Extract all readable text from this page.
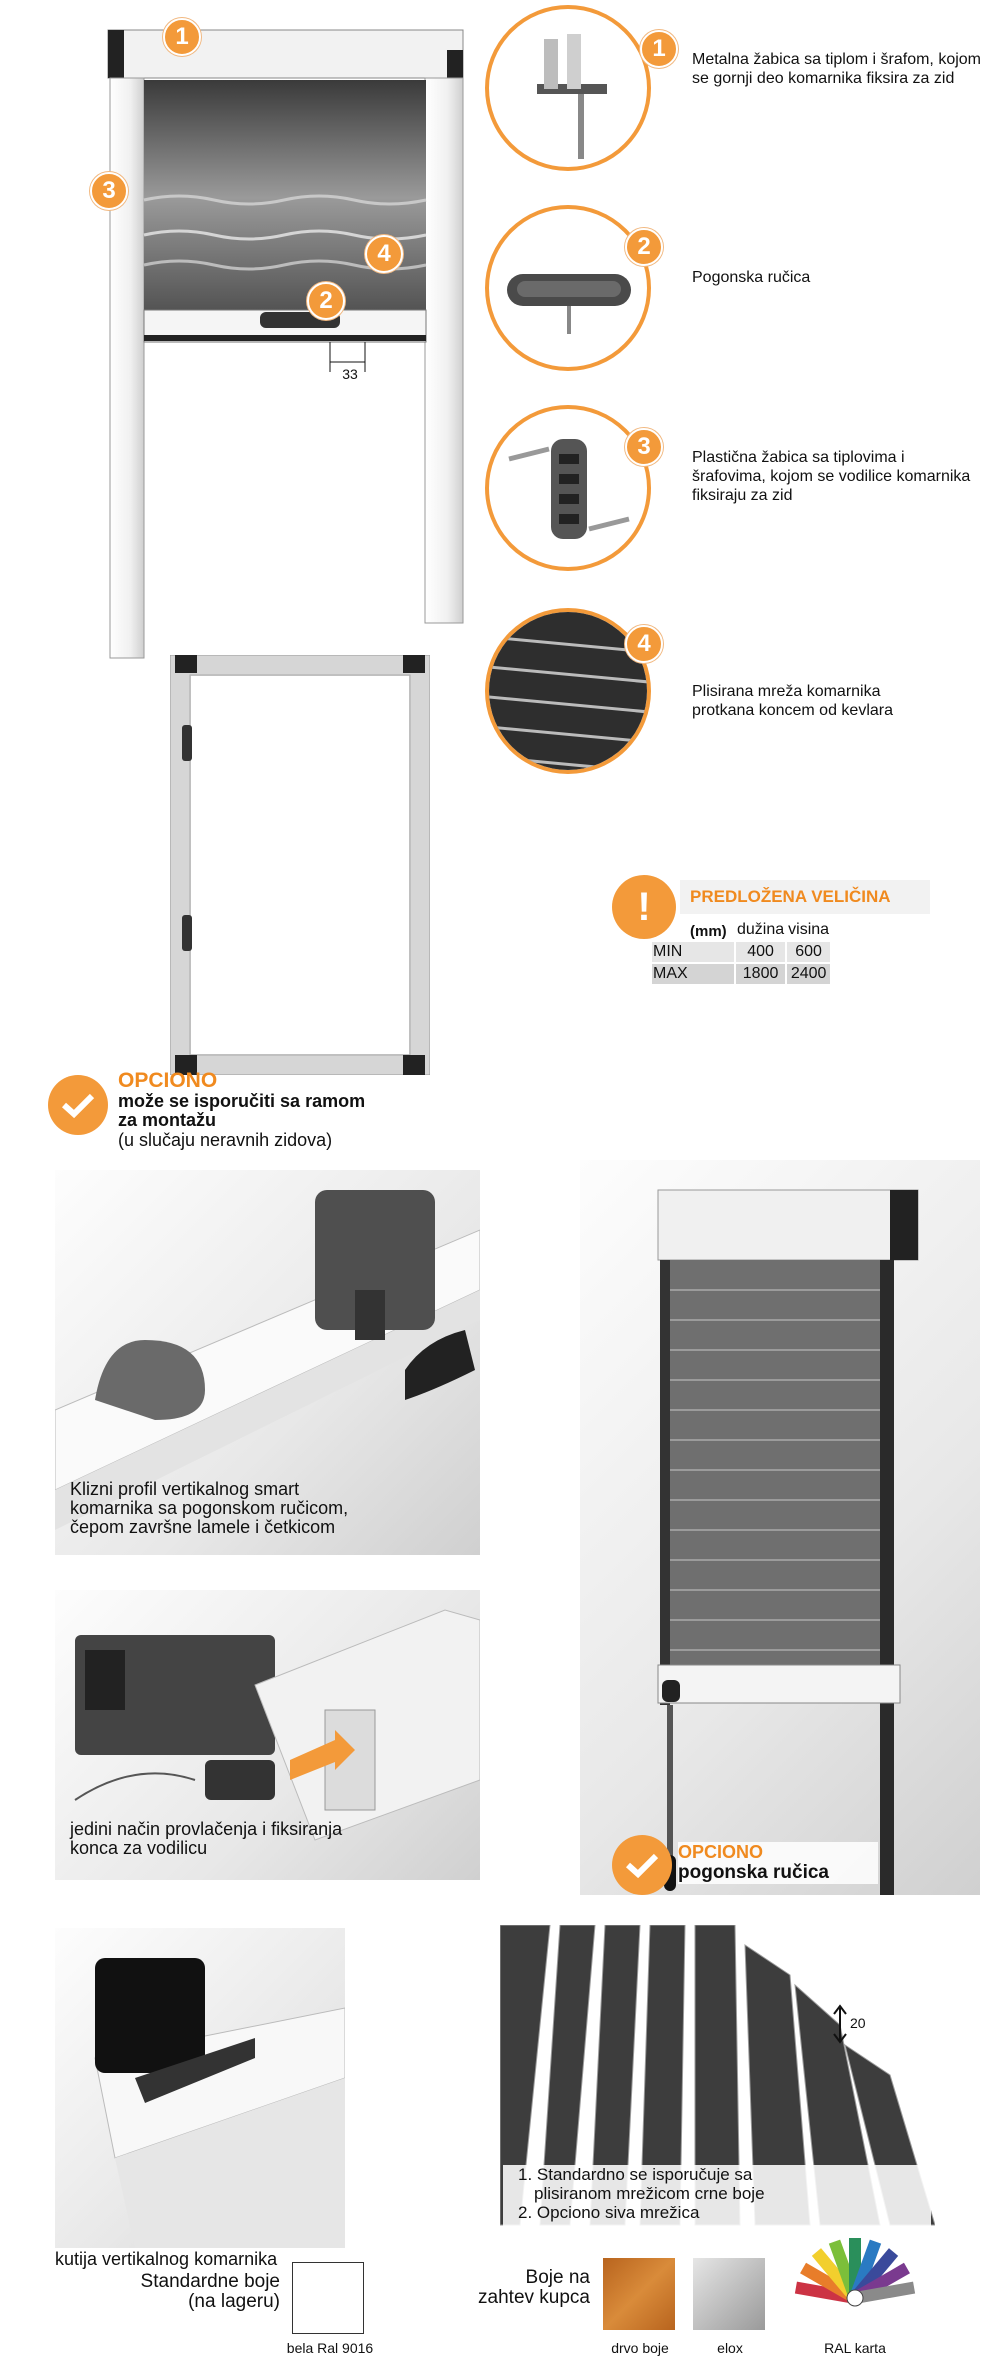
33
1
3
4
2
1	Metalna žabica sa tiplom i šrafom, kojom se gornji deo komarnika fiksira za zid
2
Pogonska ručica
3	Plastična žabica sa tiplovima i šrafovima, kojom se vodilice komarnika fiksiraju za zid
4
Plisirana mreža komarnika protkana koncem od kevlara
!	PREDLOŽENA VELIČINA (mm)
	dužina	visina
MIN	400	600
MAX	1800	2400
OPCIONO
može se isporučiti sa ramom
za montažu
(u slučaju neravnih zidova)
Klizni profil vertikalnog smart
komarnika sa pogonskom ručicom,
čepom završne lamele i četkicom
jedini način provlačenja i fiksiranja
konca za vodilicu	OPCIONO
pogonska ručica
kutija vertikalnog komarnika
20
1. Standardno se isporučuje sa
plisiranom mrežicom crne boje
2. Opciono siva mrežica
Standardne boje
(na lageru)
bela Ral 9016
Boje na
zahtev kupca
drvo boje	elox	RAL karta
